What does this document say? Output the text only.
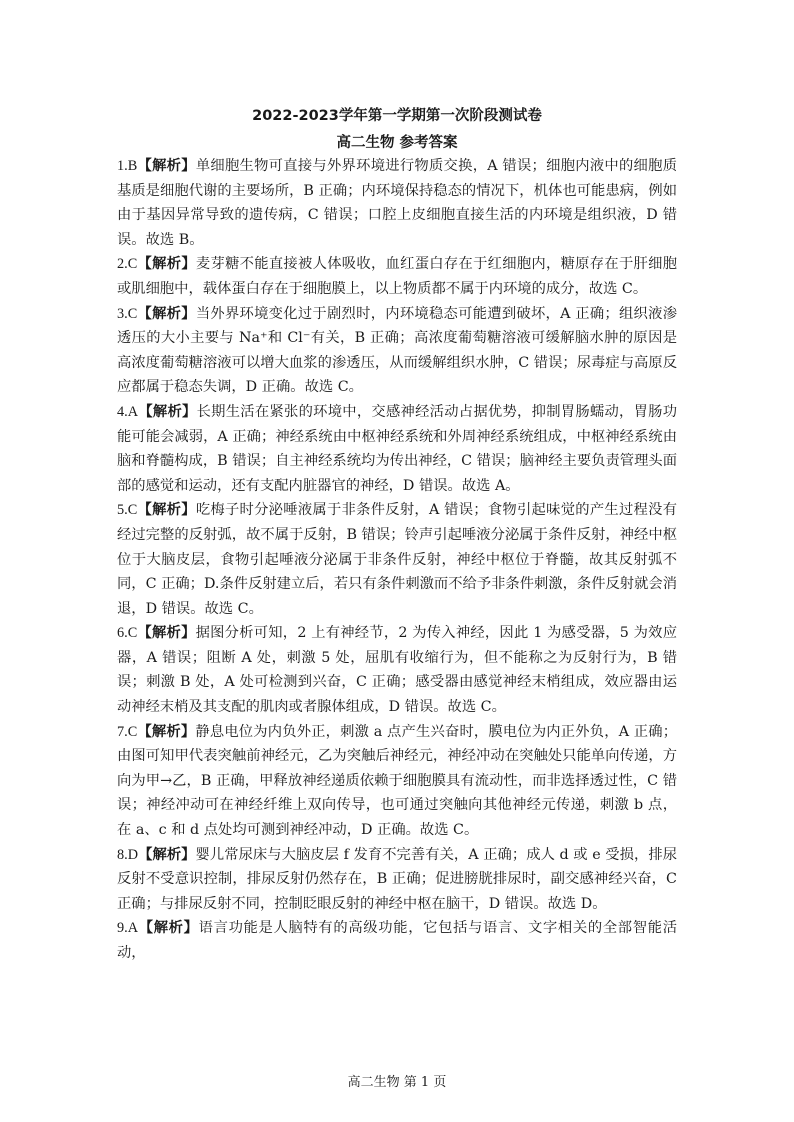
2022-2023学年第一学期第一次阶段测试卷
高二生物 参考答案

1.B【解析】单细胞生物可直接与外界环境进行物质交换，A 错误；细胞内液中的细胞质基质是细胞代谢的主要场所，B 正确；内环境保持稳态的情况下，机体也可能患病，例如由于基因异常导致的遗传病，C 错误；口腔上皮细胞直接生活的内环境是组织液，D 错误。故选 B。

2.C【解析】麦芽糖不能直接被人体吸收，血红蛋白存在于红细胞内，糖原存在于肝细胞或肌细胞中，载体蛋白存在于细胞膜上，以上物质都不属于内环境的成分，故选 C。

3.C【解析】当外界环境变化过于剧烈时，内环境稳态可能遭到破坏，A 正确；组织液渗透压的大小主要与 Na⁺和 Cl⁻有关，B 正确；高浓度葡萄糖溶液可缓解脑水肿的原因是高浓度葡萄糖溶液可以增大血浆的渗透压，从而缓解组织水肿，C 错误；尿毒症与高原反应都属于稳态失调，D 正确。故选 C。

4.A【解析】长期生活在紧张的环境中，交感神经活动占据优势，抑制胃肠蠕动，胃肠功能可能会减弱，A 正确；神经系统由中枢神经系统和外周神经系统组成，中枢神经系统由脑和脊髓构成，B 错误；自主神经系统均为传出神经，C 错误；脑神经主要负责管理头面部的感觉和运动，还有支配内脏器官的神经，D 错误。故选 A。

5.C【解析】吃梅子时分泌唾液属于非条件反射，A 错误；食物引起味觉的产生过程没有经过完整的反射弧，故不属于反射，B 错误；铃声引起唾液分泌属于条件反射，神经中枢位于大脑皮层，食物引起唾液分泌属于非条件反射，神经中枢位于脊髓，故其反射弧不同，C 正确；D.条件反射建立后，若只有条件刺激而不给予非条件刺激，条件反射就会消退，D 错误。故选 C。

6.C【解析】据图分析可知，2 上有神经节，2 为传入神经，因此 1 为感受器，5 为效应器，A 错误；阻断 A 处，刺激 5 处，屈肌有收缩行为，但不能称之为反射行为，B 错误；刺激 B 处，A 处可检测到兴奋，C 正确；感受器由感觉神经末梢组成，效应器由运动神经末梢及其支配的肌肉或者腺体组成，D 错误。故选 C。

7.C【解析】静息电位为内负外正，刺激 a 点产生兴奋时，膜电位为内正外负，A 正确；由图可知甲代表突触前神经元，乙为突触后神经元，神经冲动在突触处只能单向传递，方向为甲→乙，B 正确，甲释放神经递质依赖于细胞膜具有流动性，而非选择透过性，C 错误；神经冲动可在神经纤维上双向传导，也可通过突触向其他神经元传递，刺激 b 点，在 a、c 和 d 点处均可测到神经冲动，D 正确。故选 C。

8.D【解析】婴儿常尿床与大脑皮层 f 发育不完善有关，A 正确；成人 d 或 e 受损，排尿反射不受意识控制，排尿反射仍然存在，B 正确；促进膀胱排尿时，副交感神经兴奋，C 正确；与排尿反射不同，控制眨眼反射的神经中枢在脑干，D 错误。故选 D。

9.A【解析】语言功能是人脑特有的高级功能，它包括与语言、文字相关的全部智能活动，

高二生物 第 1 页
